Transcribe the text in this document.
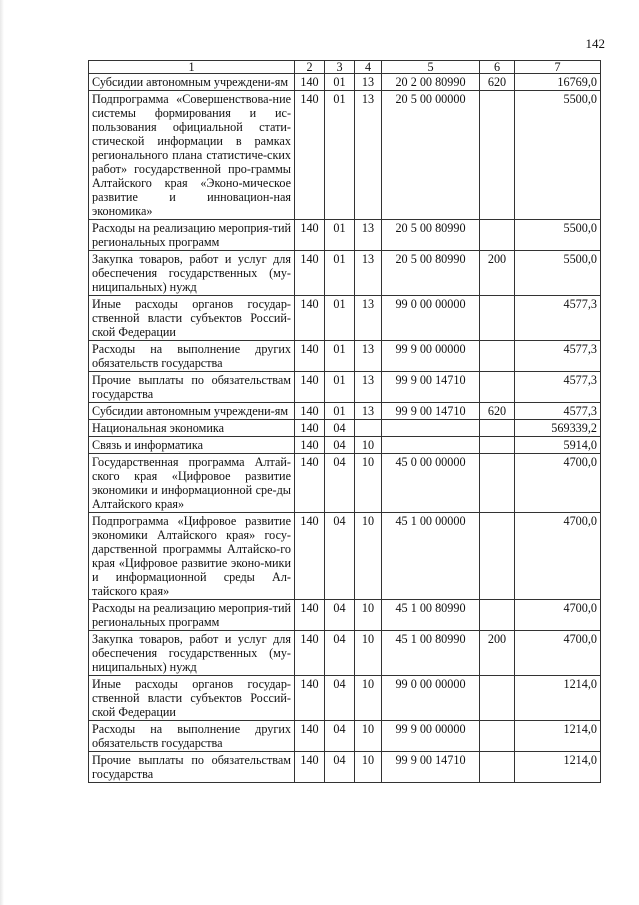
142
1	2	3	4	5	6	7
Субсидии автономным учреждени-ям	140	01	13	20 2 00 80990	620	16769,0
Подпрограмма «Совершенствова-ние системы формирования и ис-пользования официальной стати-стической информации в рамках регионального плана статистиче-ских работ» государственной про-граммы Алтайского края «Эконо-мическое развитие и инновацион-ная экономика»	140	01	13	20 5 00 00000		5500,0
Расходы на реализацию мероприя-тий региональных программ	140	01	13	20 5 00 80990		5500,0
Закупка товаров, работ и услуг для обеспечения государственных (му-ниципальных) нужд	140	01	13	20 5 00 80990	200	5500,0
Иные расходы органов государ-ственной власти субъектов Россий-ской Федерации	140	01	13	99 0 00 00000		4577,3
Расходы на выполнение других обязательств государства	140	01	13	99 9 00 00000		4577,3
Прочие выплаты по обязательствам государства	140	01	13	99 9 00 14710		4577,3
Субсидии автономным учреждени-ям	140	01	13	99 9 00 14710	620	4577,3
Национальная экономика	140	04				569339,2
Связь и информатика	140	04	10			5914,0
Государственная программа Алтай-ского края «Цифровое развитие экономики и информационной сре-ды Алтайского края»	140	04	10	45 0 00 00000		4700,0
Подпрограмма «Цифровое развитие экономики Алтайского края» госу-дарственной программы Алтайско-го края «Цифровое развитие эконо-мики и информационной среды Ал-тайского края»	140	04	10	45 1 00 00000		4700,0
Расходы на реализацию мероприя-тий региональных программ	140	04	10	45 1 00 80990		4700,0
Закупка товаров, работ и услуг для обеспечения государственных (му-ниципальных) нужд	140	04	10	45 1 00 80990	200	4700,0
Иные расходы органов государ-ственной власти субъектов Россий-ской Федерации	140	04	10	99 0 00 00000		1214,0
Расходы на выполнение других обязательств государства	140	04	10	99 9 00 00000		1214,0
Прочие выплаты по обязательствам государства	140	04	10	99 9 00 14710		1214,0
